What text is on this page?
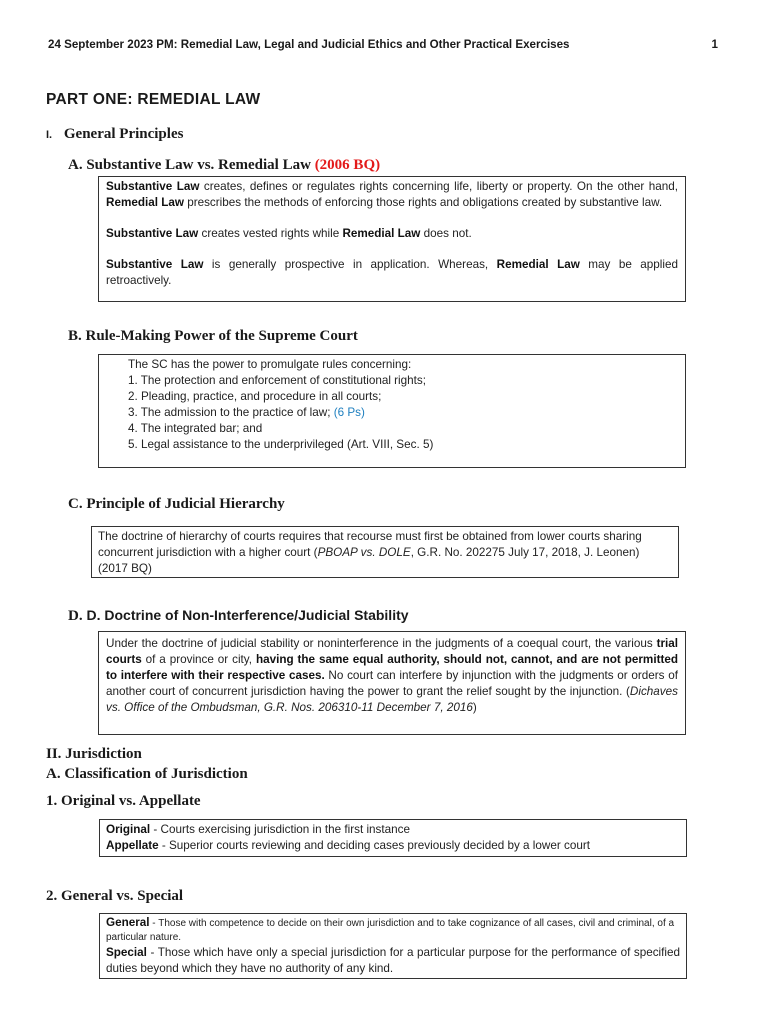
24 September 2023 PM: Remedial Law, Legal and Judicial Ethics and Other Practical Exercises	1
PART ONE: REMEDIAL LAW
I. General Principles
A. Substantive Law vs. Remedial Law (2006 BQ)

Substantive Law creates, defines or regulates rights concerning life, liberty or property. On the other hand, Remedial Law prescribes the methods of enforcing those rights and obligations created by substantive law.

Substantive Law creates vested rights while Remedial Law does not.

Substantive Law is generally prospective in application. Whereas, Remedial Law may be applied retroactively.

B. Rule-Making Power of the Supreme Court

The SC has the power to promulgate rules concerning:

1. The protection and enforcement of constitutional rights;

2. Pleading, practice, and procedure in all courts;

3. The admission to the practice of law; (6 Ps)

4. The integrated bar; and

5. Legal assistance to the underprivileged (Art. VIII, Sec. 5)

C. Principle of Judicial Hierarchy

The doctrine of hierarchy of courts requires that recourse must first be obtained from lower courts sharing concurrent jurisdiction with a higher court (PBOAP vs. DOLE, G.R. No. 202275 July 17, 2018, J. Leonen) (2017 BQ)

D. D. Doctrine of Non-Interference/Judicial Stability

Under the doctrine of judicial stability or noninterference in the judgments of a coequal court, the various trial courts of a province or city, having the same equal authority, should not, cannot, and are not permitted to interfere with their respective cases. No court can interfere by injunction with the judgments or orders of another court of concurrent jurisdiction having the power to grant the relief sought by the injunction. (Dichaves vs. Office of the Ombudsman, G.R. Nos. 206310-11 December 7, 2016)

II. Jurisdiction
A. Classification of Jurisdiction
1. Original vs. Appellate

Original - Courts exercising jurisdiction in the first instance

Appellate - Superior courts reviewing and deciding cases previously decided by a lower court

2. General vs. Special

General - Those with competence to decide on their own jurisdiction and to take cognizance of all cases, civil and criminal, of a particular nature.

Special - Those which have only a special jurisdiction for a particular purpose for the performance of specified duties beyond which they have no authority of any kind.
